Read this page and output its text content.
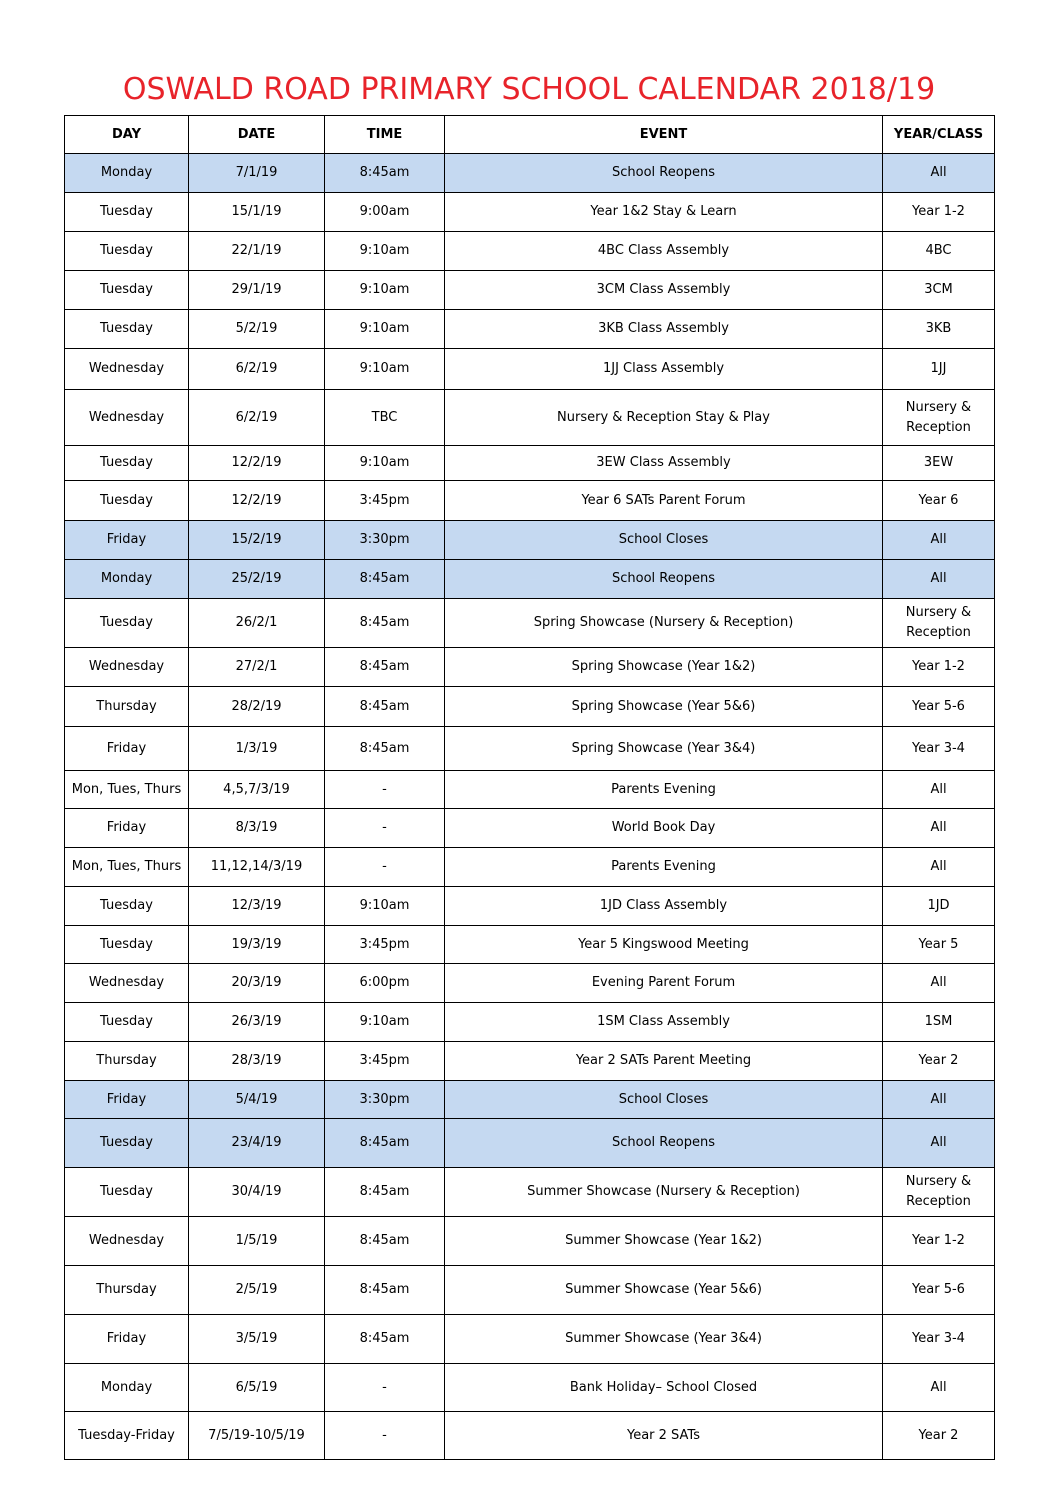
OSWALD ROAD PRIMARY SCHOOL CALENDAR 2018/19
DAY	DATE	TIME	EVENT	YEAR/CLASS
Monday	7/1/19	8:45am	School Reopens	All
Tuesday	15/1/19	9:00am	Year 1&2 Stay & Learn	Year 1-2
Tuesday	22/1/19	9:10am	4BC Class Assembly	4BC
Tuesday	29/1/19	9:10am	3CM Class Assembly	3CM
Tuesday	5/2/19	9:10am	3KB Class Assembly	3KB
Wednesday	6/2/19	9:10am	1JJ Class Assembly	1JJ
Wednesday	6/2/19	TBC	Nursery & Reception Stay & Play	Nursery & Reception
Tuesday	12/2/19	9:10am	3EW Class Assembly	3EW
Tuesday	12/2/19	3:45pm	Year 6 SATs Parent Forum	Year 6
Friday	15/2/19	3:30pm	School Closes	All
Monday	25/2/19	8:45am	School Reopens	All
Tuesday	26/2/1	8:45am	Spring Showcase (Nursery & Reception)	Nursery & Reception
Wednesday	27/2/1	8:45am	Spring Showcase (Year 1&2)	Year 1-2
Thursday	28/2/19	8:45am	Spring Showcase (Year 5&6)	Year 5-6
Friday	1/3/19	8:45am	Spring Showcase (Year 3&4)	Year 3-4
Mon, Tues, Thurs	4,5,7/3/19	-	Parents Evening	All
Friday	8/3/19	-	World Book Day	All
Mon, Tues, Thurs	11,12,14/3/19	-	Parents Evening	All
Tuesday	12/3/19	9:10am	1JD Class Assembly	1JD
Tuesday	19/3/19	3:45pm	Year 5 Kingswood Meeting	Year 5
Wednesday	20/3/19	6:00pm	Evening Parent Forum	All
Tuesday	26/3/19	9:10am	1SM Class Assembly	1SM
Thursday	28/3/19	3:45pm	Year 2 SATs Parent Meeting	Year 2
Friday	5/4/19	3:30pm	School Closes	All
Tuesday	23/4/19	8:45am	School Reopens	All
Tuesday	30/4/19	8:45am	Summer Showcase (Nursery & Reception)	Nursery & Reception
Wednesday	1/5/19	8:45am	Summer Showcase (Year 1&2)	Year 1-2
Thursday	2/5/19	8:45am	Summer Showcase (Year 5&6)	Year 5-6
Friday	3/5/19	8:45am	Summer Showcase (Year 3&4)	Year 3-4
Monday	6/5/19	-	Bank Holiday– School Closed	All
Tuesday-Friday	7/5/19-10/5/19	-	Year 2 SATs	Year 2
